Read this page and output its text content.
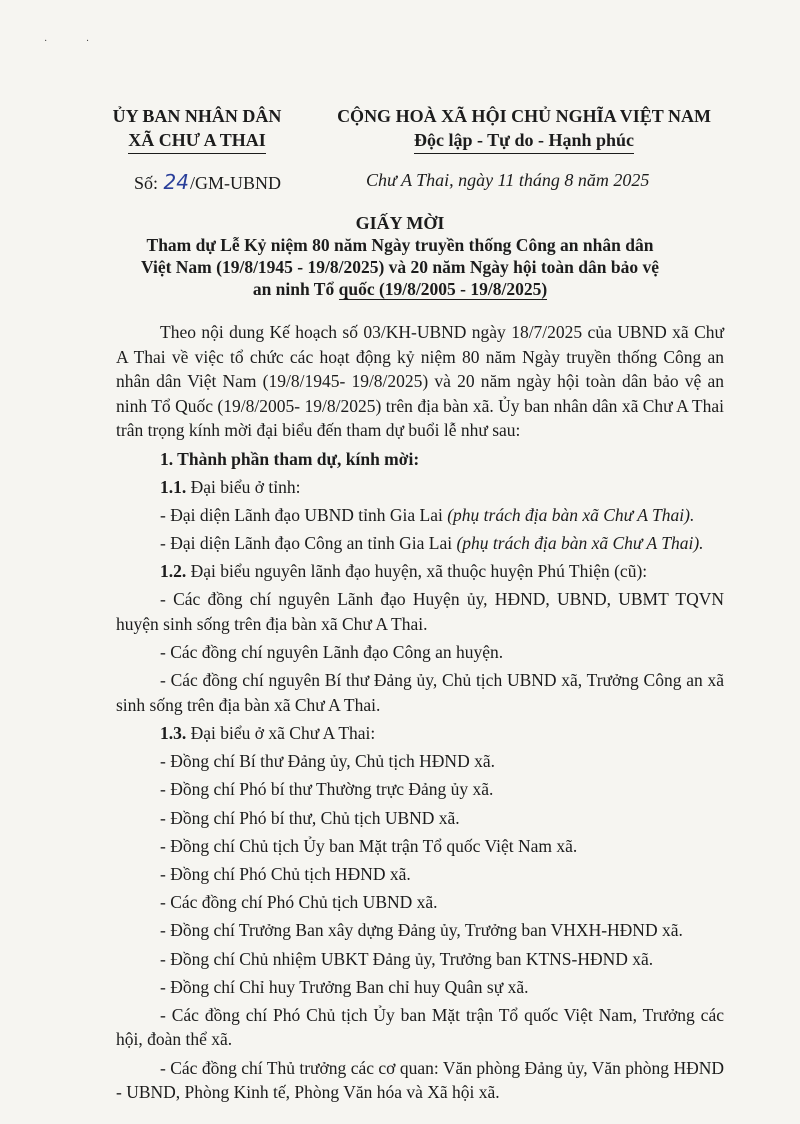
· ·
ỦY BAN NHÂN DÂN
XÃ CHƯ A THAI
CỘNG HOÀ XÃ HỘI CHỦ NGHĨA VIỆT NAM
Độc lập - Tự do - Hạnh phúc
Số: 24/GM-UBND	Chư A Thai, ngày 11 tháng 8 năm 2025
GIẤY MỜI
Tham dự Lễ Kỷ niệm 80 năm Ngày truyền thống Công an nhân dân
Việt Nam (19/8/1945 - 19/8/2025) và 20 năm Ngày hội toàn dân bảo vệ
an ninh Tổ quốc (19/8/2005 - 19/8/2025)

Theo nội dung Kế hoạch số 03/KH-UBND ngày 18/7/2025 của UBND xã Chư A Thai về việc tổ chức các hoạt động kỷ niệm 80 năm Ngày truyền thống Công an nhân dân Việt Nam (19/8/1945- 19/8/2025) và 20 năm ngày hội toàn dân bảo vệ an ninh Tổ Quốc (19/8/2005- 19/8/2025) trên địa bàn xã. Ủy ban nhân dân xã Chư A Thai trân trọng kính mời đại biểu đến tham dự buổi lễ như sau:

1. Thành phần tham dự, kính mời:

1.1. Đại biểu ở tỉnh:

- Đại diện Lãnh đạo UBND tỉnh Gia Lai (phụ trách địa bàn xã Chư A Thai).

- Đại diện Lãnh đạo Công an tỉnh Gia Lai (phụ trách địa bàn xã Chư A Thai).

1.2. Đại biểu nguyên lãnh đạo huyện, xã thuộc huyện Phú Thiện (cũ):

- Các đồng chí nguyên Lãnh đạo Huyện ủy, HĐND, UBND, UBMT TQVN huyện sinh sống trên địa bàn xã Chư A Thai.

- Các đồng chí nguyên Lãnh đạo Công an huyện.

- Các đồng chí nguyên Bí thư Đảng ủy, Chủ tịch UBND xã, Trưởng Công an xã sinh sống trên địa bàn xã Chư A Thai.

1.3. Đại biểu ở xã Chư A Thai:

- Đồng chí Bí thư Đảng ủy, Chủ tịch HĐND xã.

- Đồng chí Phó bí thư Thường trực Đảng ủy xã.

- Đồng chí Phó bí thư, Chủ tịch UBND xã.

- Đồng chí Chủ tịch Ủy ban Mặt trận Tổ quốc Việt Nam xã.

- Đồng chí Phó Chủ tịch HĐND xã.

- Các đồng chí Phó Chủ tịch UBND xã.

- Đồng chí Trưởng Ban xây dựng Đảng ủy, Trưởng ban VHXH-HĐND xã.

- Đồng chí Chủ nhiệm UBKT Đảng ủy, Trưởng ban KTNS-HĐND xã.

- Đồng chí Chỉ huy Trưởng Ban chỉ huy Quân sự xã.

- Các đồng chí Phó Chủ tịch Ủy ban Mặt trận Tổ quốc Việt Nam, Trưởng các hội, đoàn thể xã.

- Các đồng chí Thủ trưởng các cơ quan: Văn phòng Đảng ủy, Văn phòng HĐND - UBND, Phòng Kinh tế, Phòng Văn hóa và Xã hội xã.
